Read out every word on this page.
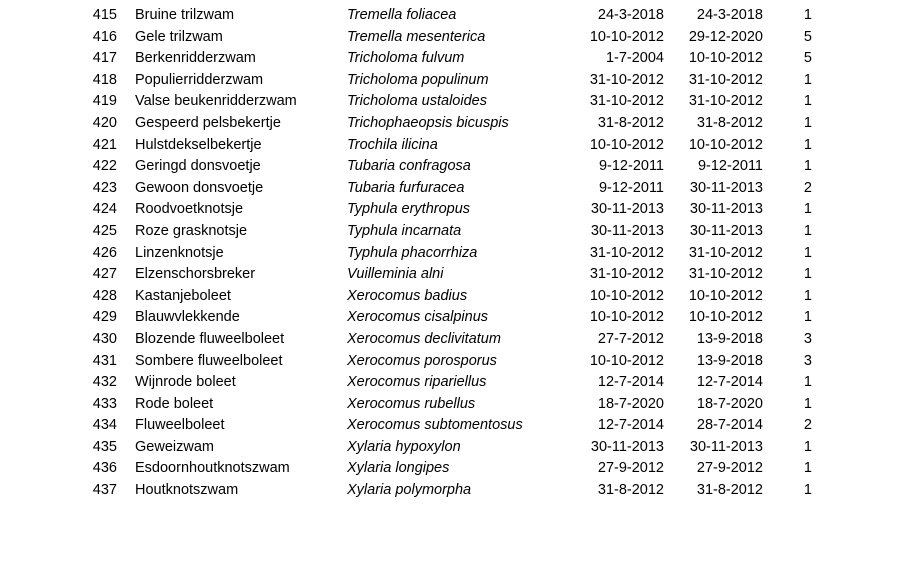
415		Bruine trilzwam	Tremella foliacea	24-3-2018	24-3-2018	1
416		Gele trilzwam	Tremella mesenterica	10-10-2012	29-12-2020	5
417		Berkenridderzwam	Tricholoma fulvum	1-7-2004	10-10-2012	5
418		Populierridderzwam	Tricholoma populinum	31-10-2012	31-10-2012	1
419		Valse beukenridderzwam	Tricholoma ustaloides	31-10-2012	31-10-2012	1
420		Gespeerd pelsbekertje	Trichophaeopsis bicuspis	31-8-2012	31-8-2012	1
421		Hulstdekselbekertje	Trochila ilicina	10-10-2012	10-10-2012	1
422		Geringd donsvoetje	Tubaria confragosa	9-12-2011	9-12-2011	1
423		Gewoon donsvoetje	Tubaria furfuracea	9-12-2011	30-11-2013	2
424		Roodvoetknotsje	Typhula erythropus	30-11-2013	30-11-2013	1
425		Roze grasknotsje	Typhula incarnata	30-11-2013	30-11-2013	1
426		Linzenknotsje	Typhula phacorrhiza	31-10-2012	31-10-2012	1
427		Elzenschorsbreker	Vuilleminia alni	31-10-2012	31-10-2012	1
428		Kastanjeboleet	Xerocomus badius	10-10-2012	10-10-2012	1
429		Blauwvlekkende	Xerocomus cisalpinus	10-10-2012	10-10-2012	1
430		Blozende fluweelboleet	Xerocomus declivitatum	27-7-2012	13-9-2018	3
431		Sombere fluweelboleet	Xerocomus porosporus	10-10-2012	13-9-2018	3
432		Wijnrode boleet	Xerocomus ripariellus	12-7-2014	12-7-2014	1
433		Rode boleet	Xerocomus rubellus	18-7-2020	18-7-2020	1
434		Fluweelboleet	Xerocomus subtomentosus	12-7-2014	28-7-2014	2
435		Geweizwam	Xylaria hypoxylon	30-11-2013	30-11-2013	1
436		Esdoornhoutknotszwam	Xylaria longipes	27-9-2012	27-9-2012	1
437		Houtknotszwam	Xylaria polymorpha	31-8-2012	31-8-2012	1
